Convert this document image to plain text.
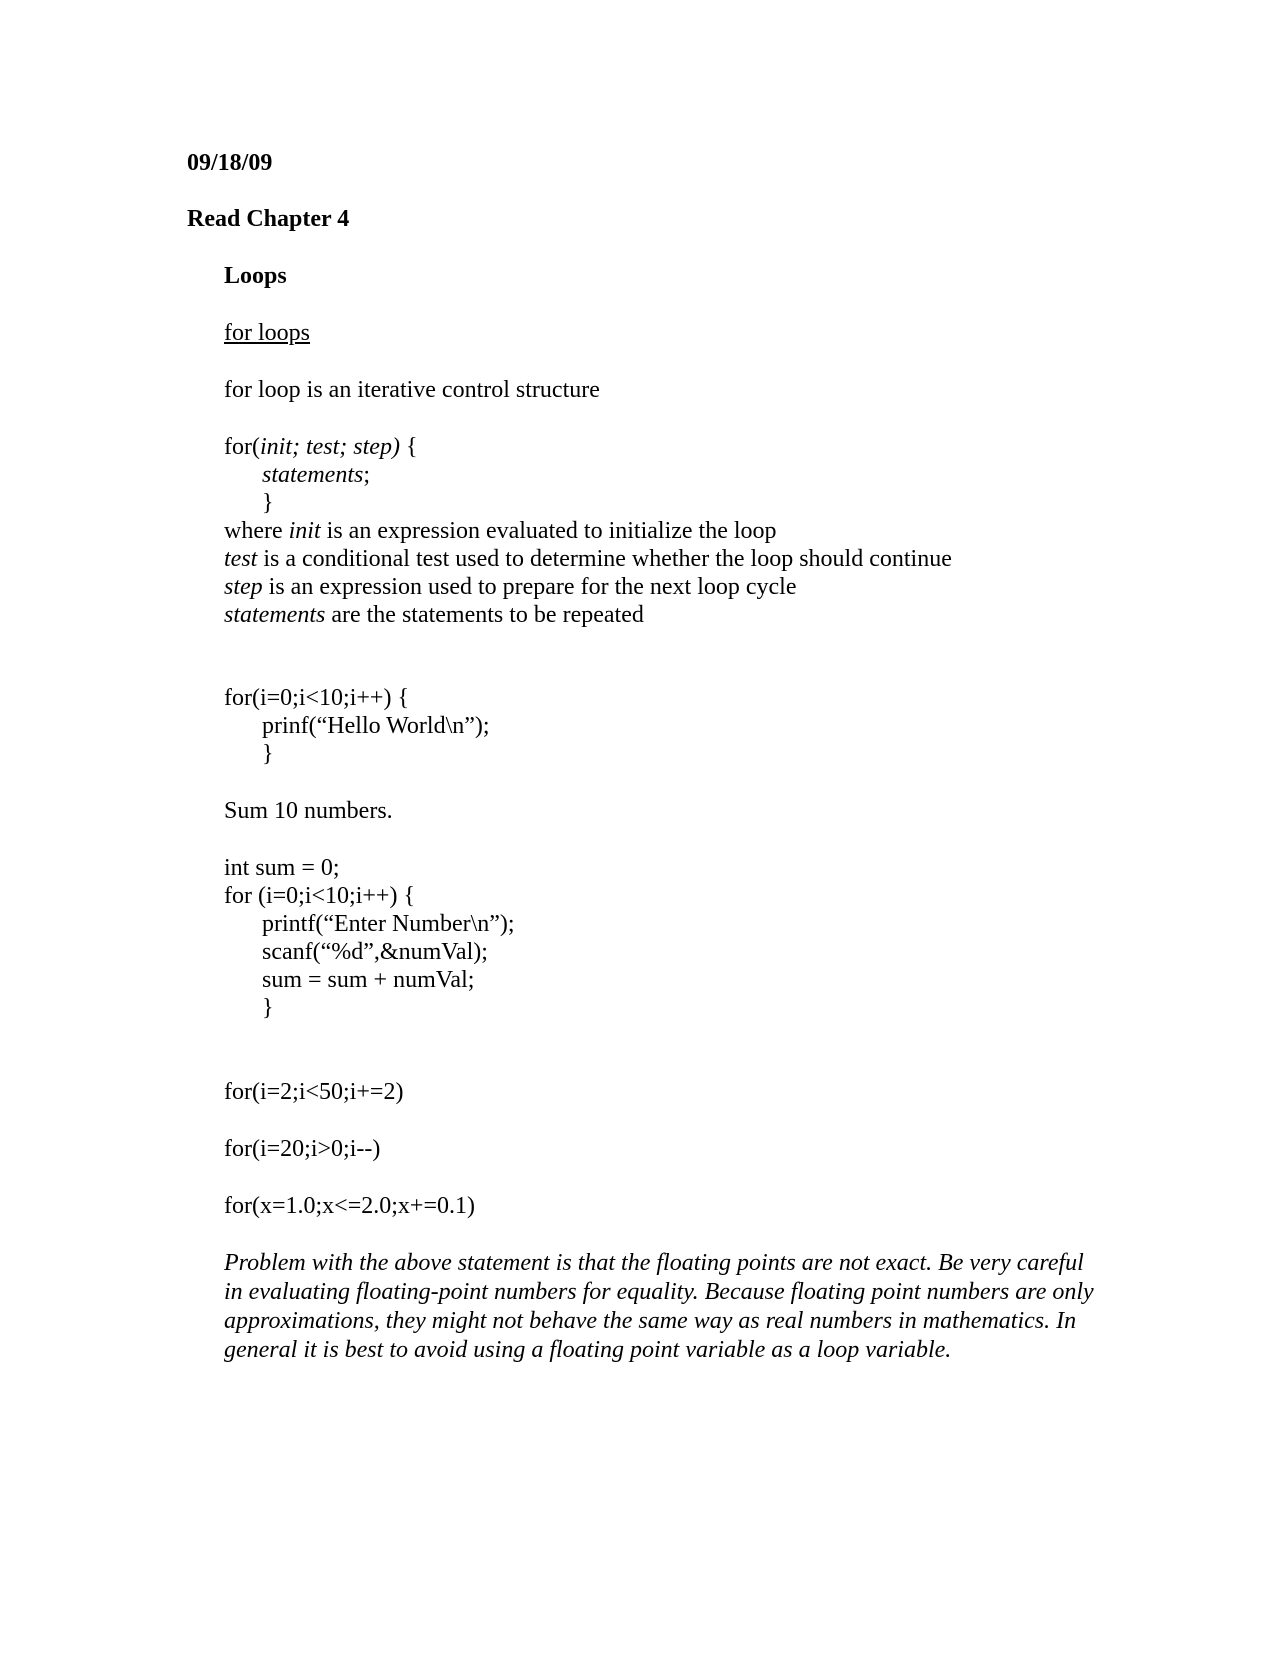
09/18/09
Read Chapter 4
Loops
for loops
for loop is an iterative control structure
for(init; test; step) {
statements;
}
where init is an expression evaluated to initialize the loop
test is a conditional test used to determine whether the loop should continue
step is an expression used to prepare for the next loop cycle
statements are the statements to be repeated
for(i=0;i<10;i++) {
prinf(“Hello World\n”);
}
Sum 10 numbers.
int sum = 0;
for (i=0;i<10;i++) {
printf(“Enter Number\n”);
scanf(“%d”,&numVal);
sum = sum + numVal;
}
for(i=2;i<50;i+=2)
for(i=20;i>0;i--)
for(x=1.0;x<=2.0;x+=0.1)
Problem with the above statement is that the floating points are not exact. Be very careful in evaluating floating-point numbers for equality. Because floating point numbers are only approximations, they might not behave the same way as real numbers in mathematics. In general it is best to avoid using a floating point variable as a loop variable.
